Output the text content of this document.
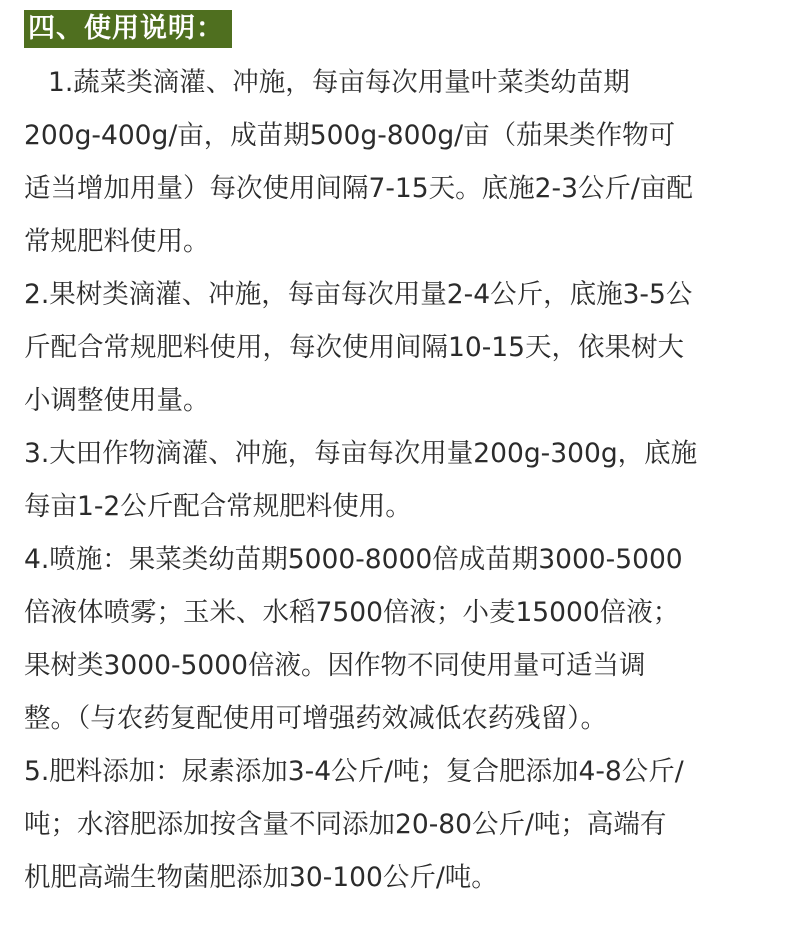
四、使用说明：
1.蔬菜类滴灌、冲施，每亩每次用量叶菜类幼苗期
200g-400g/亩，成苗期500g-800g/亩（茄果类作物可
适当增加用量）每次使用间隔7-15天。底施2-3公斤/亩配
常规肥料使用。
2.果树类滴灌、冲施，每亩每次用量2-4公斤，底施3-5公
斤配合常规肥料使用，每次使用间隔10-15天，依果树大
小调整使用量。
3.大田作物滴灌、冲施，每亩每次用量200g-300g，底施
每亩1-2公斤配合常规肥料使用。
4.喷施：果菜类幼苗期5000-8000倍成苗期3000-5000
倍液体喷雾；玉米、水稻7500倍液；小麦15000倍液；
果树类3000-5000倍液。因作物不同使用量可适当调
整。（与农药复配使用可增强药效减低农药残留）。
5.肥料添加：尿素添加3-4公斤/吨；复合肥添加4-8公斤/
吨；水溶肥添加按含量不同添加20-80公斤/吨；高端有
机肥高端生物菌肥添加30-100公斤/吨。
